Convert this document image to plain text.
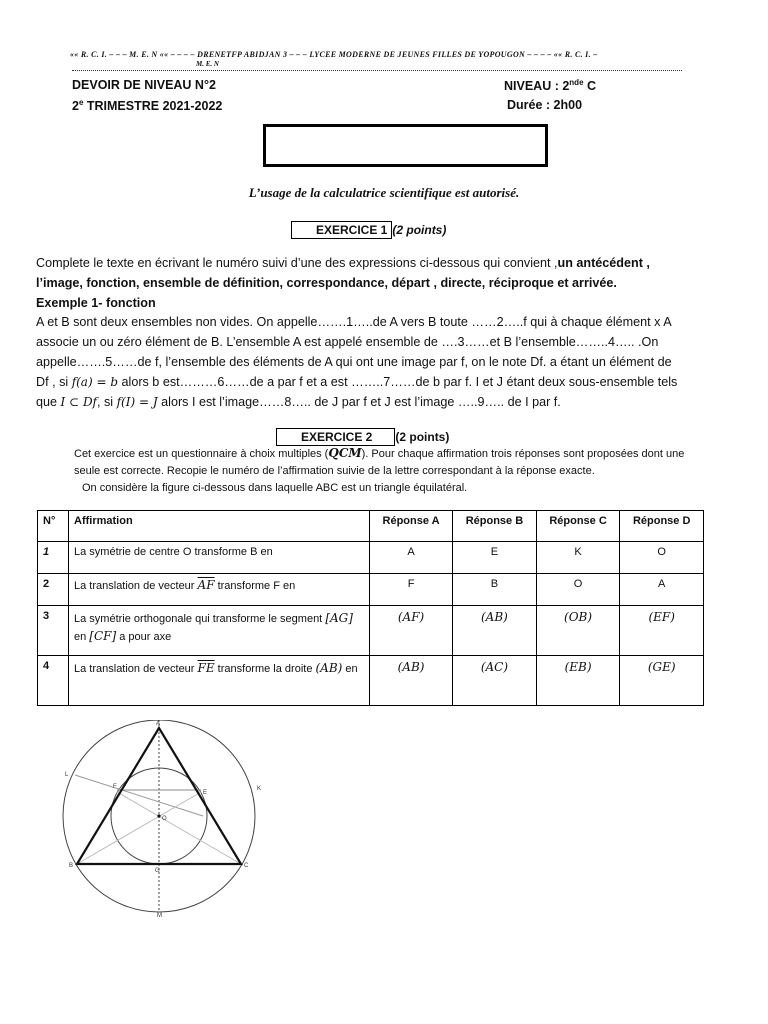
«« R. C. I. – – – M. E. N «« – – – – DRENETFP ABIDJAN 3 – – – LYCEE MODERNE DE JEUNES FILLES DE YOPOUGON – – – – «« R. C. I. –
M. E. N
DEVOIR DE NIVEAU N°2	NIVEAU : 2nde C
2e TRIMESTRE 2021-2022	Durée : 2h00
L’usage de la calculatrice scientifique est autorisé.
EXERCICE 1 (2 points)
Complete le texte en écrivant le numéro suivi d’une des expressions ci-dessous qui convient ,un antécédent , l’image, fonction, ensemble de définition, correspondance, départ , directe, réciproque et arrivée.
Exemple 1- fonction
A et B sont deux ensembles non vides. On appelle…….1…..de A vers B toute ……2…..f qui à chaque élément x A associe un ou zéro élément de B. L’ensemble A est appelé ensemble de ….3……et B l’ensemble……..4….. .On appelle…….5……de f, l’ensemble des éléments de A qui ont une image par f, on le note Df. a étant un élément de Df , si f(a) = b alors b est………6……de a par f et a est ……..7……de b par f. I et J étant deux sous-ensemble tels que I ⊂ Df, si f(I) = J alors I est l’image……8….. de J par f et J est l’image …..9….. de I par f.
EXERCICE 2 (2 points)
Cet exercice est un questionnaire à choix multiples (QCM). Pour chaque affirmation trois réponses sont proposées dont une seule est correcte. Recopie le numéro de l’affirmation suivie de la lettre correspondant à la réponse exacte.
On considère la figure ci-dessous dans laquelle ABC est un triangle équilatéral.
N°	Affirmation	Réponse A	Réponse B	Réponse C	Réponse D
1	La symétrie de centre O transforme B en	A	E	K	O
2	La translation de vecteur $\overline{AF}$ transforme F en	F	B	O	A
3	La symétrie orthogonale qui transforme le segment [AG] en [CF] a pour axe	(AF)	(AB)	(OB)	(EF)
4	La translation de vecteur $\overline{FE}$ transforme la droite (AB) en	(AB)	(AC)	(EB)	(GE)
A
B	C
E
F
G
K
L
M
O
